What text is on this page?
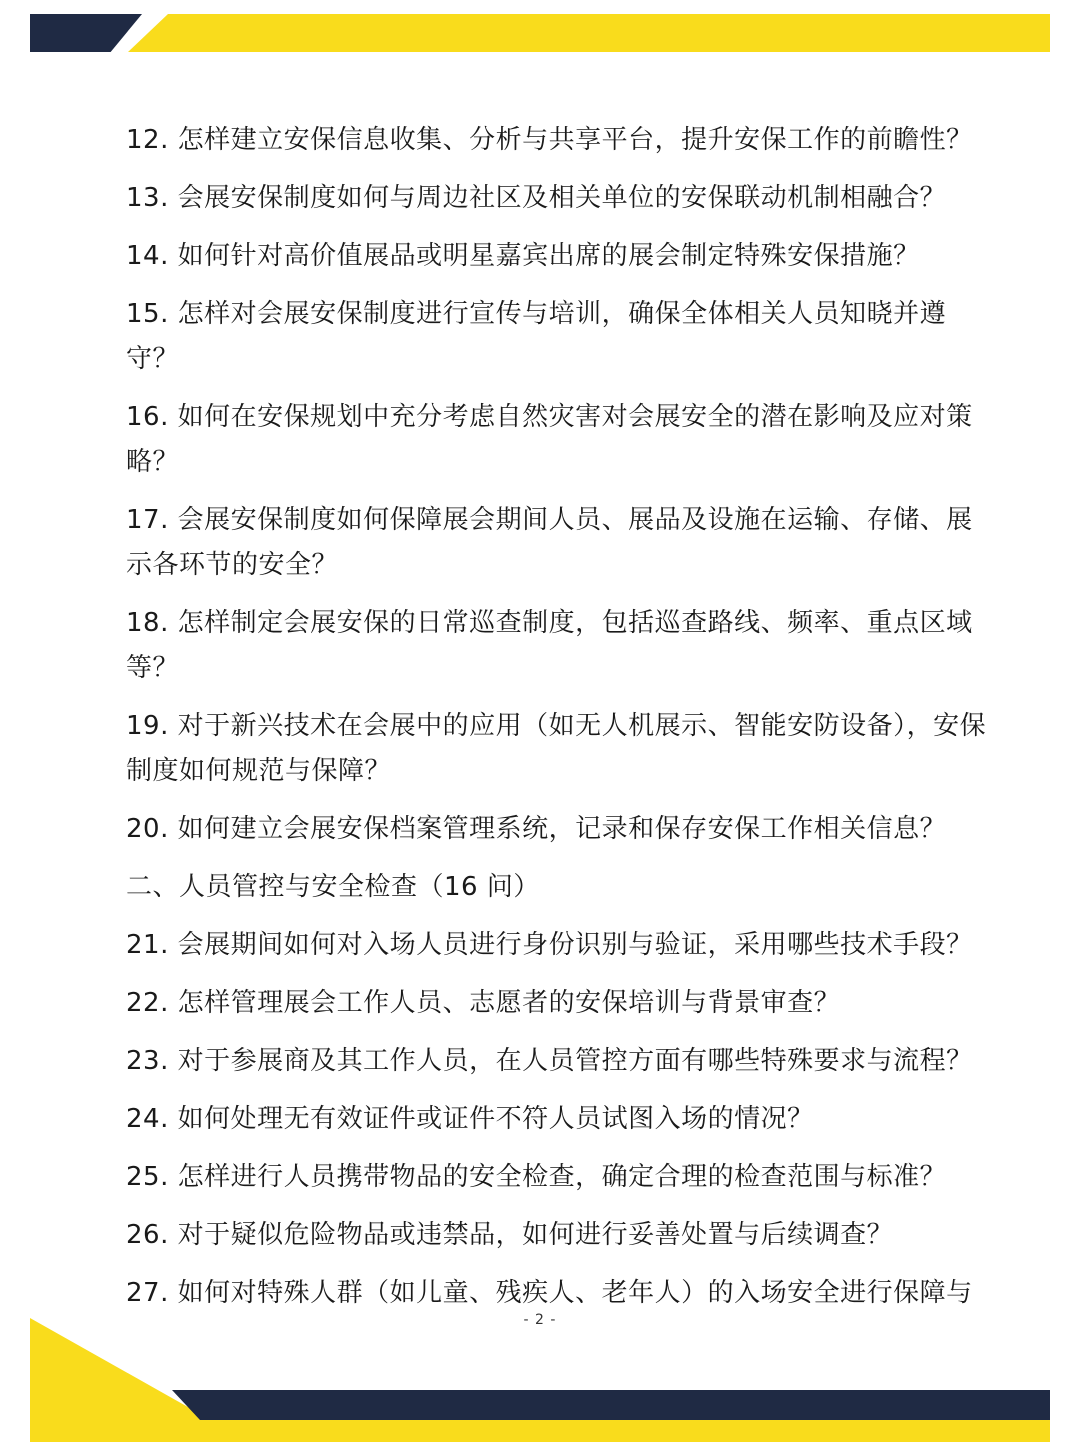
12. 怎样建立安保信息收集、分析与共享平台，提升安保工作的前瞻性？

13. 会展安保制度如何与周边社区及相关单位的安保联动机制相融合？

14. 如何针对高价值展品或明星嘉宾出席的展会制定特殊安保措施？

15. 怎样对会展安保制度进行宣传与培训，确保全体相关人员知晓并遵守？

16. 如何在安保规划中充分考虑自然灾害对会展安全的潜在影响及应对策略？

17. 会展安保制度如何保障展会期间人员、展品及设施在运输、存储、展示各环节的安全？

18. 怎样制定会展安保的日常巡查制度，包括巡查路线、频率、重点区域等？

19. 对于新兴技术在会展中的应用（如无人机展示、智能安防设备），安保制度如何规范与保障？

20. 如何建立会展安保档案管理系统，记录和保存安保工作相关信息？

二、人员管控与安全检查（16 问）

21. 会展期间如何对入场人员进行身份识别与验证，采用哪些技术手段？

22. 怎样管理展会工作人员、志愿者的安保培训与背景审查？

23. 对于参展商及其工作人员，在人员管控方面有哪些特殊要求与流程？

24. 如何处理无有效证件或证件不符人员试图入场的情况？

25. 怎样进行人员携带物品的安全检查，确定合理的检查范围与标准？

26. 对于疑似危险物品或违禁品，如何进行妥善处置与后续调查？

27. 如何对特殊人群（如儿童、残疾人、老年人）的入场安全进行保障与

- 2 -
